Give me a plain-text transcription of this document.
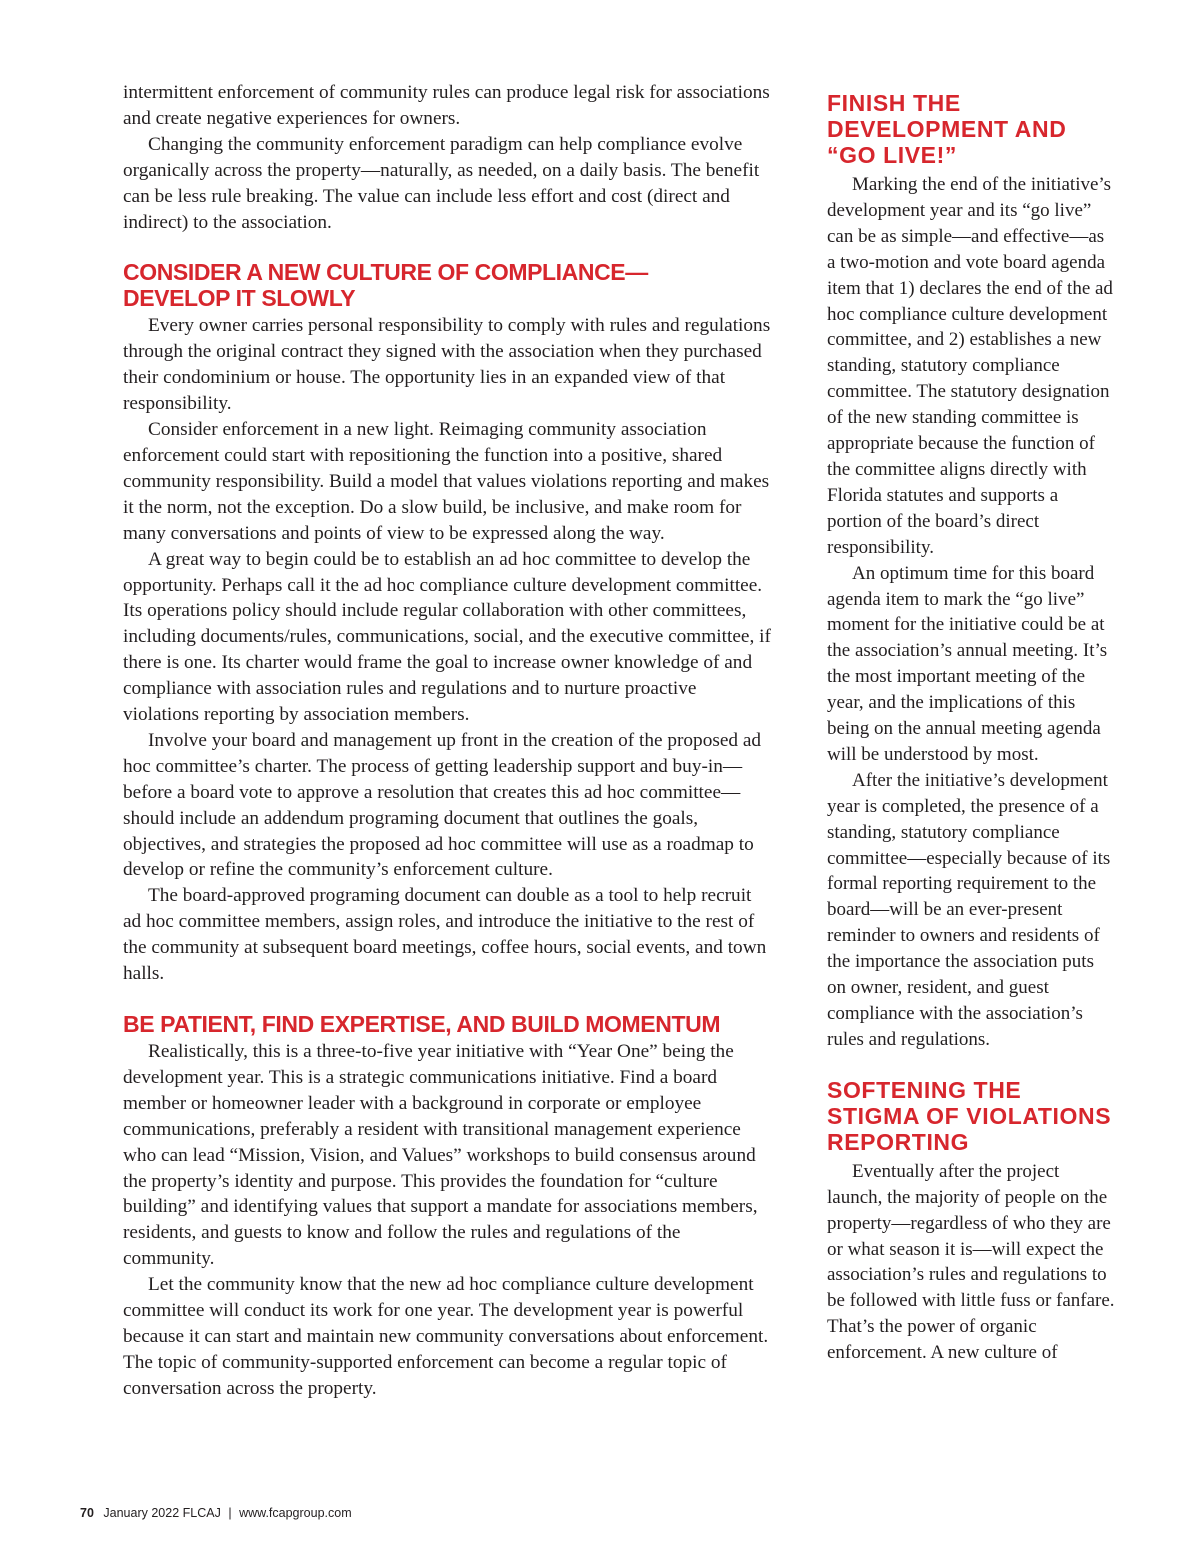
intermittent enforcement of community rules can produce legal risk for associations and create negative experiences for owners.

Changing the community enforcement paradigm can help compliance evolve organically across the property—naturally, as needed, on a daily basis. The benefit can be less rule breaking. The value can include less effort and cost (direct and indirect) to the association.

CONSIDER A NEW CULTURE OF COMPLIANCE—
DEVELOP IT SLOWLY

Every owner carries personal responsibility to comply with rules and regulations through the original contract they signed with the association when they purchased their condominium or house. The opportunity lies in an expanded view of that responsibility.

Consider enforcement in a new light. Reimaging community association enforcement could start with repositioning the function into a positive, shared community responsibility. Build a model that values violations reporting and makes it the norm, not the exception. Do a slow build, be inclusive, and make room for many conversations and points of view to be expressed along the way.

A great way to begin could be to establish an ad hoc committee to develop the opportunity. Perhaps call it the ad hoc compliance culture development committee. Its operations policy should include regular collaboration with other committees, including documents/rules, communications, social, and the executive committee, if there is one. Its charter would frame the goal to increase owner knowledge of and compliance with association rules and regulations and to nurture proactive violations reporting by association members.

Involve your board and management up front in the creation of the proposed ad hoc committee’s charter. The process of getting leadership support and buy-in—before a board vote to approve a resolution that creates this ad hoc committee—should include an addendum programing document that outlines the goals, objectives, and strategies the proposed ad hoc committee will use as a roadmap to develop or refine the community’s enforcement culture.

The board-approved programing document can double as a tool to help recruit ad hoc committee members, assign roles, and introduce the initiative to the rest of the community at subsequent board meetings, coffee hours, social events, and town halls.

BE PATIENT, FIND EXPERTISE, AND BUILD MOMENTUM

Realistically, this is a three-to-five year initiative with “Year One” being the development year. This is a strategic communications initiative. Find a board member or homeowner leader with a background in corporate or employee communications, preferably a resident with transitional management experience who can lead “Mission, Vision, and Values” workshops to build consensus around the property’s identity and purpose. This provides the foundation for “culture building” and identifying values that support a mandate for associations members, residents, and guests to know and follow the rules and regulations of the community.

Let the community know that the new ad hoc compliance culture development committee will conduct its work for one year. The development year is powerful because it can start and maintain new community conversations about enforcement. The topic of community-supported enforcement can become a regular topic of conversation across the property.

FINISH THE
DEVELOPMENT AND
“GO LIVE!”

Marking the end of the initiative’s development year and its “go live” can be as simple—and effective—as a two-motion and vote board agenda item that 1) declares the end of the ad hoc compliance culture development committee, and 2) establishes a new standing, statutory compliance committee. The statutory designation of the new standing committee is appropriate because the function of the committee aligns directly with Florida statutes and supports a portion of the board’s direct responsibility.

An optimum time for this board agenda item to mark the “go live” moment for the initiative could be at the association’s annual meeting. It’s the most important meeting of the year, and the implications of this being on the annual meeting agenda will be understood by most.

After the initiative’s development year is completed, the presence of a standing, statutory compliance committee—especially because of its formal reporting requirement to the board—will be an ever-present reminder to owners and residents of the importance the association puts on owner, resident, and guest compliance with the association’s rules and regulations.

SOFTENING THE
STIGMA OF VIOLATIONS
REPORTING

Eventually after the project launch, the majority of people on the property—regardless of who they are or what season it is—will expect the association’s rules and regulations to be followed with little fuss or fanfare. That’s the power of organic enforcement. A new culture of

70 January 2022 FLCAJ | www.fcapgroup.com
